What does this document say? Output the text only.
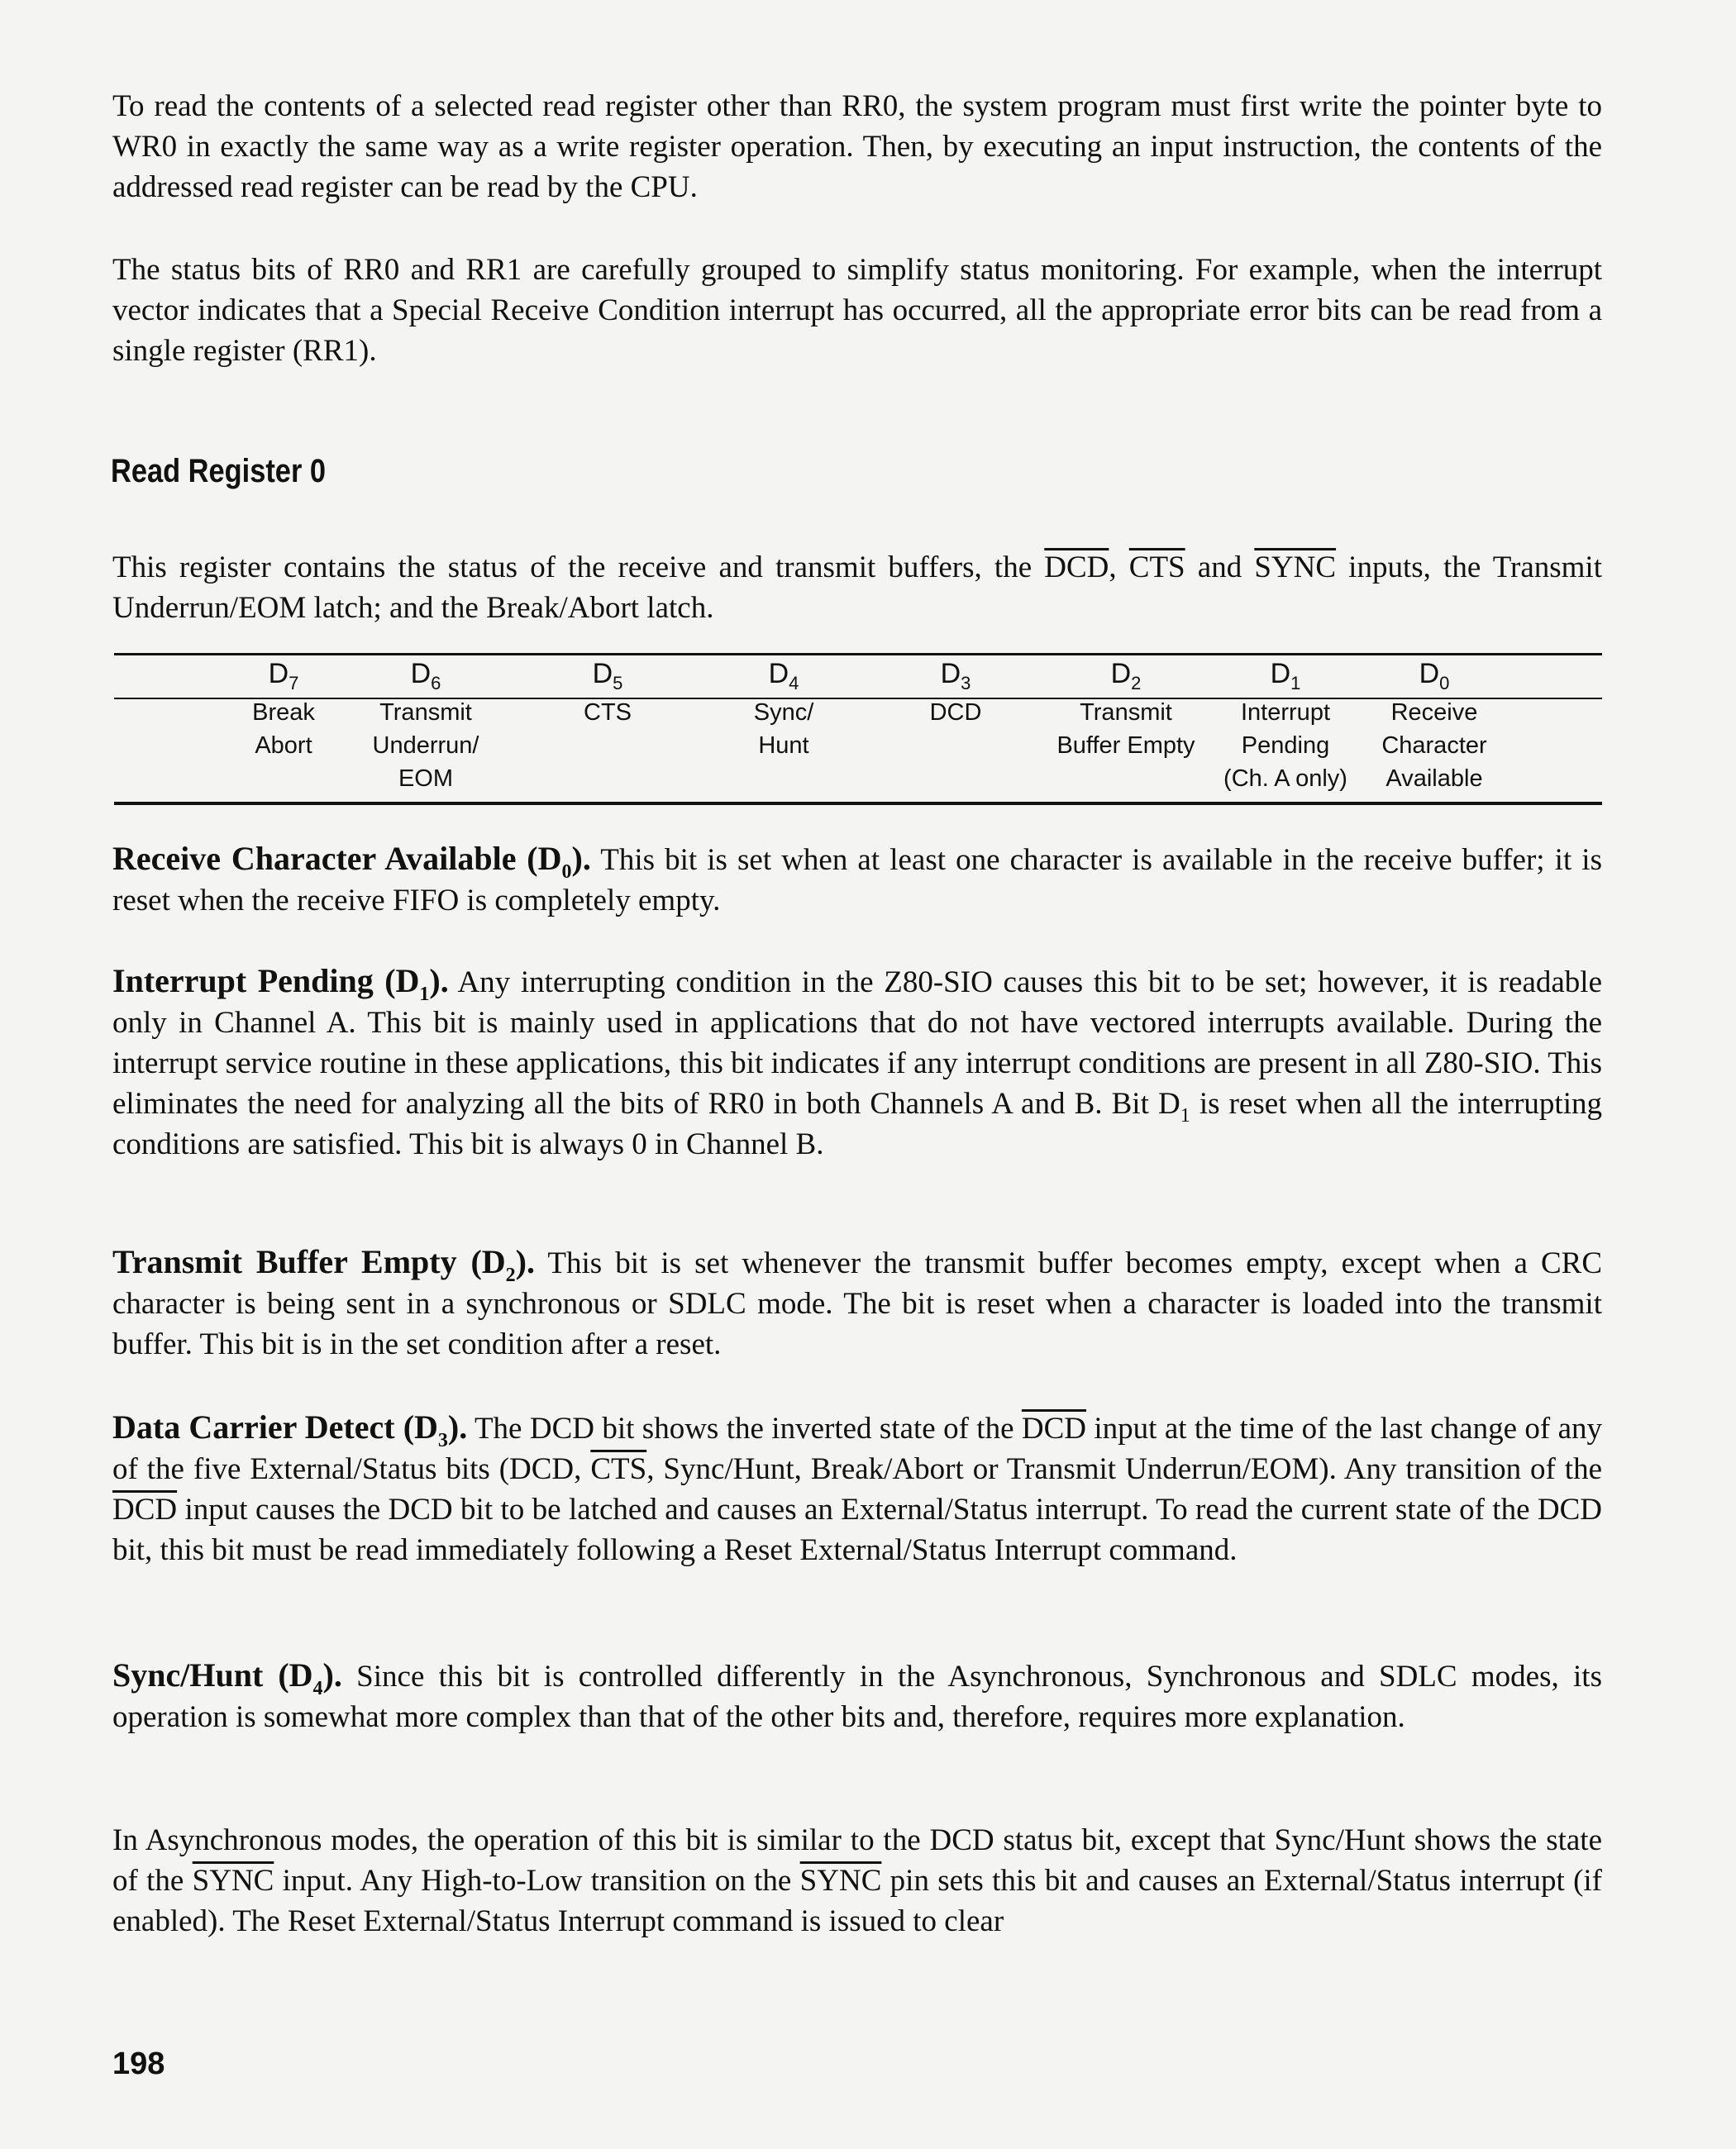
To read the contents of a selected read register other than RR0, the system program must first write the pointer byte to WR0 in exactly the same way as a write register operation. Then, by executing an input instruction, the contents of the addressed read register can be read by the CPU.

The status bits of RR0 and RR1 are carefully grouped to simplify status monitoring. For example, when the interrupt vector indicates that a Special Receive Condition interrupt has occurred, all the appropriate error bits can be read from a single register (RR1).

Read Register 0

This register contains the status of the receive and transmit buffers, the $\overline{DCD}$, $\overline{CTS}$ and SYNC inputs, the Transmit Underrun/EOM latch; and the Break/Abort latch.

$D_7$
Break
Abort
$D_6$
Transmit
Underrun/
EOM
$D_5$
$\overline{CTS}$
$D_4$
Sync/
Hunt
$D_3$
$\overline{DCD}$
$D_2$
Transmit
Buffer Empty
$D_1$
Interrupt
Pending
(Ch. A only)
$D_0$
Receive
Character
Available

Receive Character Available $(D_0)$. This bit is set when at least one character is available in the receive buffer; it is reset when the receive FIFO is completely empty.

Interrupt Pending $(D_1)$. Any interrupting condition in the Z80-SIO causes this bit to be set; however, it is readable only in Channel A. This bit is mainly used in applications that do not have vectored interrupts available. During the interrupt service routine in these applications, this bit indicates if any interrupt conditions are present in all Z80-SIO. This eliminates the need for analyzing all the bits of RR0 in both Channels A and B. Bit $D_1$ is reset when all the interrupting conditions are satisfied. This bit is always 0 in Channel B.

Transmit Buffer Empty $(D_2)$. This bit is set whenever the transmit buffer becomes empty, except when a CRC character is being sent in a synchronous or SDLC mode. The bit is reset when a character is loaded into the transmit buffer. This bit is in the set condition after a reset.

Data Carrier Detect $(D_3)$. The DCD bit shows the inverted state of the $\overline{DCD}$ input at the time of the last change of any of the five External/Status bits (DCD, $\overline{CTS}$, Sync/Hunt, Break/Abort or Transmit Underrun/EOM). Any transition of the $\overline{DCD}$ input causes the DCD bit to be latched and causes an External/Status interrupt. To read the current state of the DCD bit, this bit must be read immediately following a Reset External/Status Interrupt command.

Sync/Hunt $(D_4)$. Since this bit is controlled differently in the Asynchronous, Synchronous and SDLC modes, its operation is somewhat more complex than that of the other bits and, therefore, requires more explanation.

In Asynchronous modes, the operation of this bit is similar to the DCD status bit, except that Sync/Hunt shows the state of the SYNC input. Any High-to-Low transition on the SYNC pin sets this bit and causes an External/Status interrupt (if enabled). The Reset External/Status Interrupt command is issued to clear

198
